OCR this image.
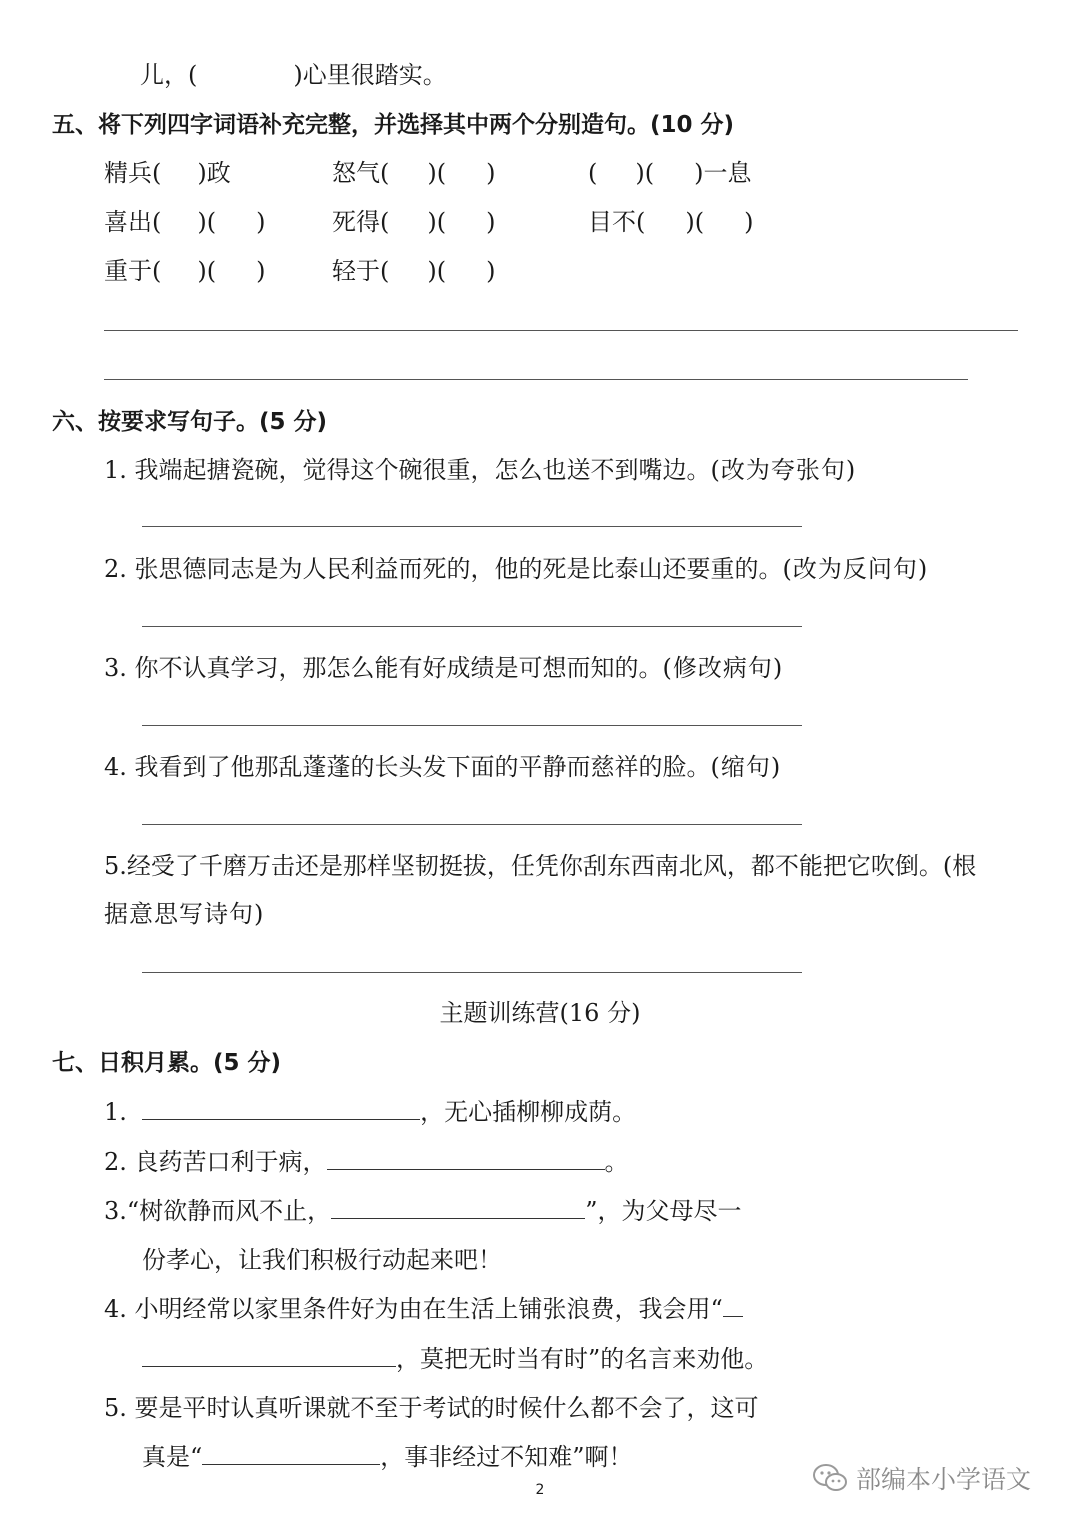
儿，(	)心里很踏实。
五、将下列四字词语补充完整，并选择其中两个分别造句。(10 分)
精兵( )政	怒气( )( )	( )( )一息
喜出( )( )	死得( )( )	目不( )( )
重于( )( )	轻于( )( )
六、按要求写句子。(5 分)
1. 我端起搪瓷碗，觉得这个碗很重，怎么也送不到嘴边。(改为夸张句)
2. 张思德同志是为人民利益而死的，他的死是比泰山还要重的。(改为反问句)
3. 你不认真学习，那怎么能有好成绩是可想而知的。(修改病句)
4. 我看到了他那乱蓬蓬的长头发下面的平静而慈祥的脸。(缩句)
5.经受了千磨万击还是那样坚韧挺拔，任凭你刮东西南北风，都不能把它吹倒。(根
据意思写诗句)
主题训练营(16 分)
七、日积月累。(5 分)
1.	，无心插柳柳成荫。
2. 良药苦口利于病，	。
3.“树欲静而风不止，	”，为父母尽一
份孝心，让我们积极行动起来吧！
4. 小明经常以家里条件好为由在生活上铺张浪费，我会用“
，莫把无时当有时”的名言来劝他。
5. 要是平时认真听课就不至于考试的时候什么都不会了，这可
真是“	，事非经过不知难”啊！
2	部编本小学语文
